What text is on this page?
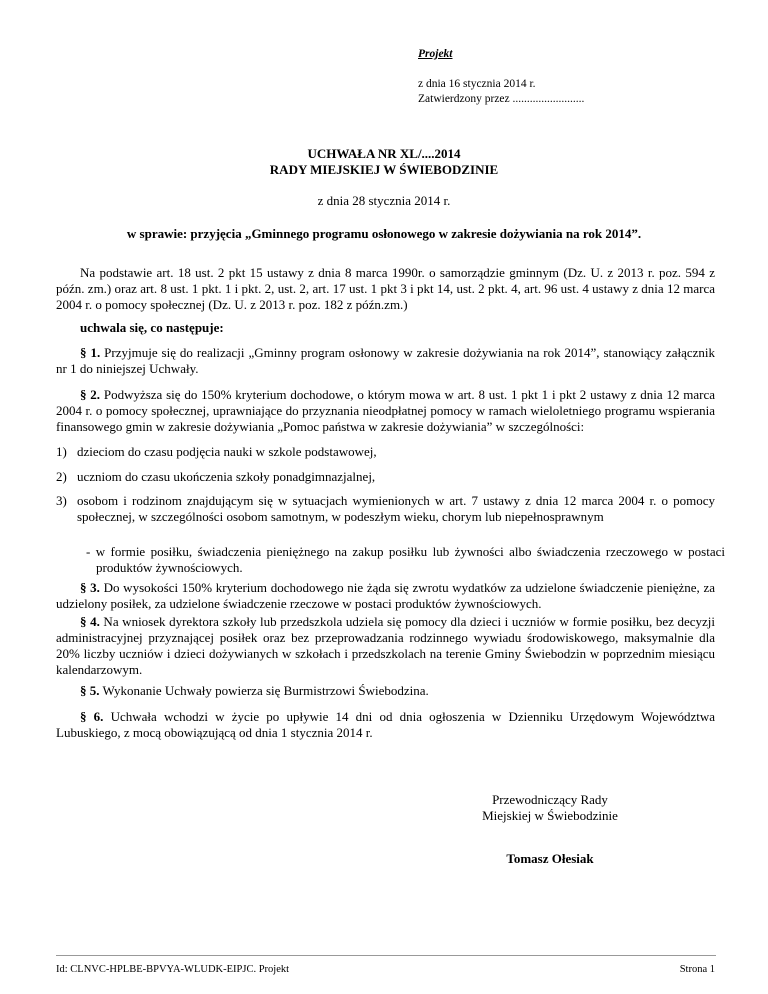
Projekt
z dnia 16 stycznia 2014 r.
Zatwierdzony przez .........................
UCHWAŁA NR XL/....2014
RADY MIEJSKIEJ W ŚWIEBODZINIE
z dnia 28 stycznia 2014 r.
w sprawie: przyjęcia „Gminnego programu osłonowego w zakresie dożywiania na rok 2014”.
Na podstawie art. 18 ust. 2 pkt 15 ustawy z dnia 8 marca 1990r. o samorządzie gminnym (Dz. U. z 2013 r. poz. 594 z późn. zm.) oraz art. 8 ust. 1 pkt. 1 i pkt. 2, ust. 2, art. 17 ust. 1 pkt 3 i pkt 14, ust. 2 pkt. 4, art. 96 ust. 4 ustawy z dnia 12 marca 2004 r. o pomocy społecznej (Dz. U. z 2013 r. poz. 182 z późn.zm.)
uchwala się, co następuje:
§ 1. Przyjmuje się do realizacji „Gminny program osłonowy w zakresie dożywiania na rok 2014”, stanowiący załącznik nr 1 do niniejszej Uchwały.
§ 2. Podwyższa się do 150% kryterium dochodowe, o którym mowa w art. 8 ust. 1 pkt 1 i pkt 2 ustawy z dnia 12 marca 2004 r. o pomocy społecznej, uprawniające do przyznania nieodpłatnej pomocy w ramach wieloletniego programu wspierania finansowego gmin w zakresie dożywiania „Pomoc państwa w zakresie dożywiania” w szczególności:
1) dzieciom do czasu podjęcia nauki w szkole podstawowej,
2) uczniom do czasu ukończenia szkoły ponadgimnazjalnej,
3) osobom i rodzinom znajdującym się w sytuacjach wymienionych w art. 7 ustawy z dnia 12 marca 2004 r. o pomocy społecznej, w szczególności osobom samotnym, w podeszłym wieku, chorym lub niepełnosprawnym
- w formie posiłku, świadczenia pieniężnego na zakup posiłku lub żywności albo świadczenia rzeczowego w postaci produktów żywnościowych.
§ 3. Do wysokości 150% kryterium dochodowego nie żąda się zwrotu wydatków za udzielone świadczenie pieniężne, za udzielony posiłek, za udzielone świadczenie rzeczowe w postaci produktów żywnościowych.
§ 4. Na wniosek dyrektora szkoły lub przedszkola udziela się pomocy dla dzieci i uczniów w formie posiłku, bez decyzji administracyjnej przyznającej posiłek oraz bez przeprowadzania rodzinnego wywiadu środowiskowego, maksymalnie dla 20% liczby uczniów i dzieci dożywianych w szkołach i przedszkolach na terenie Gminy Świebodzin w poprzednim miesiącu kalendarzowym.
§ 5. Wykonanie Uchwały powierza się Burmistrzowi Świebodzina.
§ 6. Uchwała wchodzi w życie po upływie 14 dni od dnia ogłoszenia w Dzienniku Urzędowym Województwa Lubuskiego, z mocą obowiązującą od dnia 1 stycznia 2014 r.
Przewodniczący Rady
Miejskiej w Świebodzinie
Tomasz Ołesiak
Id: CLNVC-HPLBE-BPVYA-WLUDK-EIPJC. Projekt	Strona 1
